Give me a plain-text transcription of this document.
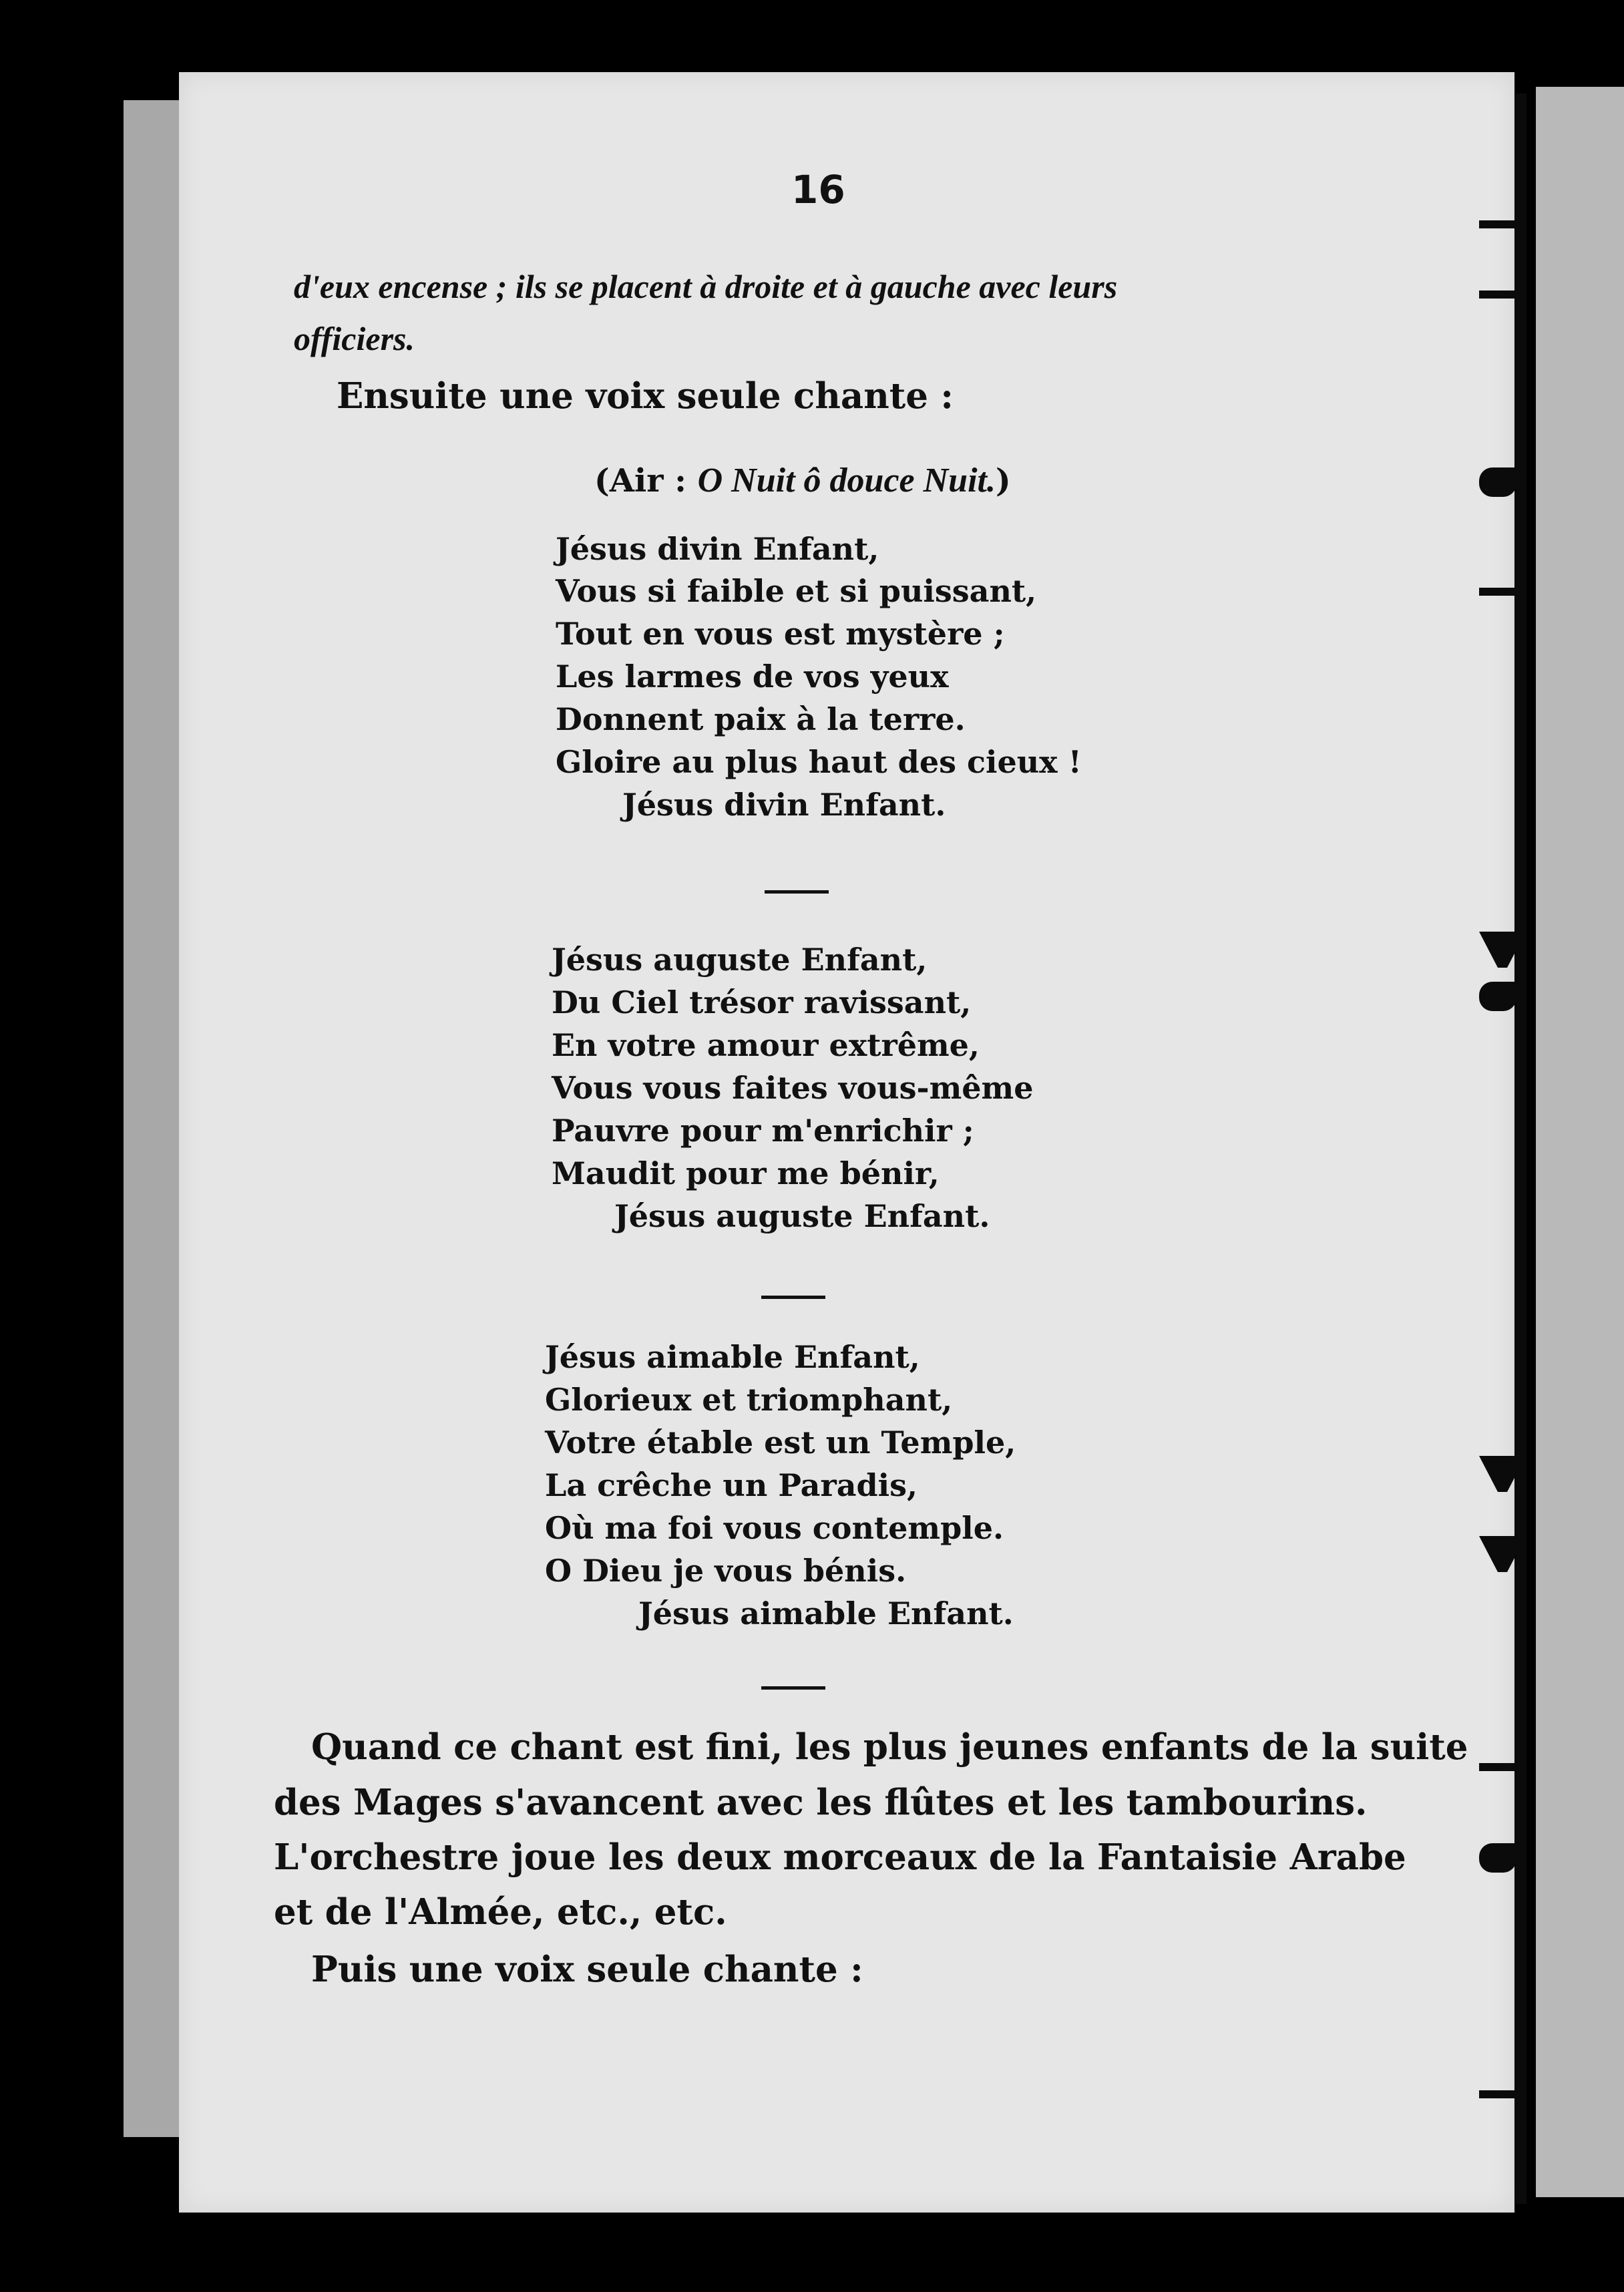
16
d'eux encense ; ils se placent à droite et à gauche avec leurs
officiers.
Ensuite une voix seule chante :
(Air : O Nuit ô douce Nuit.)
Jésus divin Enfant,
Vous si faible et si puissant,
Tout en vous est mystère ;
Les larmes de vos yeux
Donnent paix à la terre.
Gloire au plus haut des cieux !
Jésus divin Enfant.
Jésus auguste Enfant,
Du Ciel trésor ravissant,
En votre amour extrême,
Vous vous faites vous-même
Pauvre pour m'enrichir ;
Maudit pour me bénir,
Jésus auguste Enfant.
Jésus aimable Enfant,
Glorieux et triomphant,
Votre étable est un Temple,
La crêche un Paradis,
Où ma foi vous contemple.
O Dieu je vous bénis.
Jésus aimable Enfant.
Quand ce chant est fini, les plus jeunes enfants de la suite
des Mages s'avancent avec les flûtes et les tambourins.
L'orchestre joue les deux morceaux de la Fantaisie Arabe
et de l'Almée, etc., etc.
Puis une voix seule chante :
